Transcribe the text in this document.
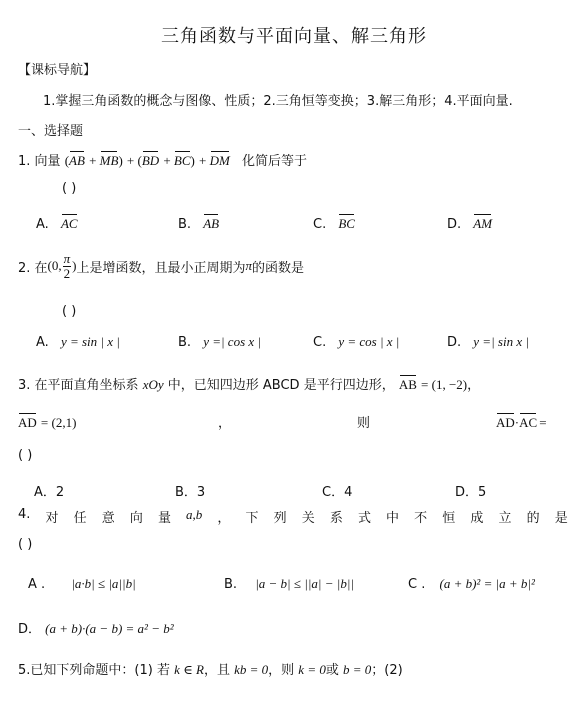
三角函数与平面向量、解三角形
【课标导航】
1.掌握三角函数的概念与图像、性质；2.三角恒等变换；3.解三角形；4.平面向量.
一、选择题
1. 向量 (AB + MB) + (BD + BC) + DM 化简后等于
( )
A. AC	B. AB	C. BC	D. AM
2. 在 (0, $\frac{\pi}{2}$ ) 上是增函数，且最小正周期为 π 的函数是
( )
A. y = sin | x |	B. y =| cos x |	C. y = cos | x |	D. y =| sin x |
3. 在平面直角坐标系 xOy 中，已知四边形 ABCD 是平行四边形， AB = (1, −2)，
AD = (2,1)	，	则	AD·AC =
( )
A．2	B．3	C．4	D．5
4. 对 任 意 向 量 a,b ， 下 列 关 系 式 中 不 恒 成 立 的 是
( )
A . |a·b| ≤ |a||b|	B. |a − b| ≤ ||a| − |b||	C . (a + b)² = |a + b|²
D． (a + b)·(a − b) = a² − b²
5.已知下列命题中：(1) 若 k ∈ R，且 kb = 0，则 k = 0或 b = 0；(2)
